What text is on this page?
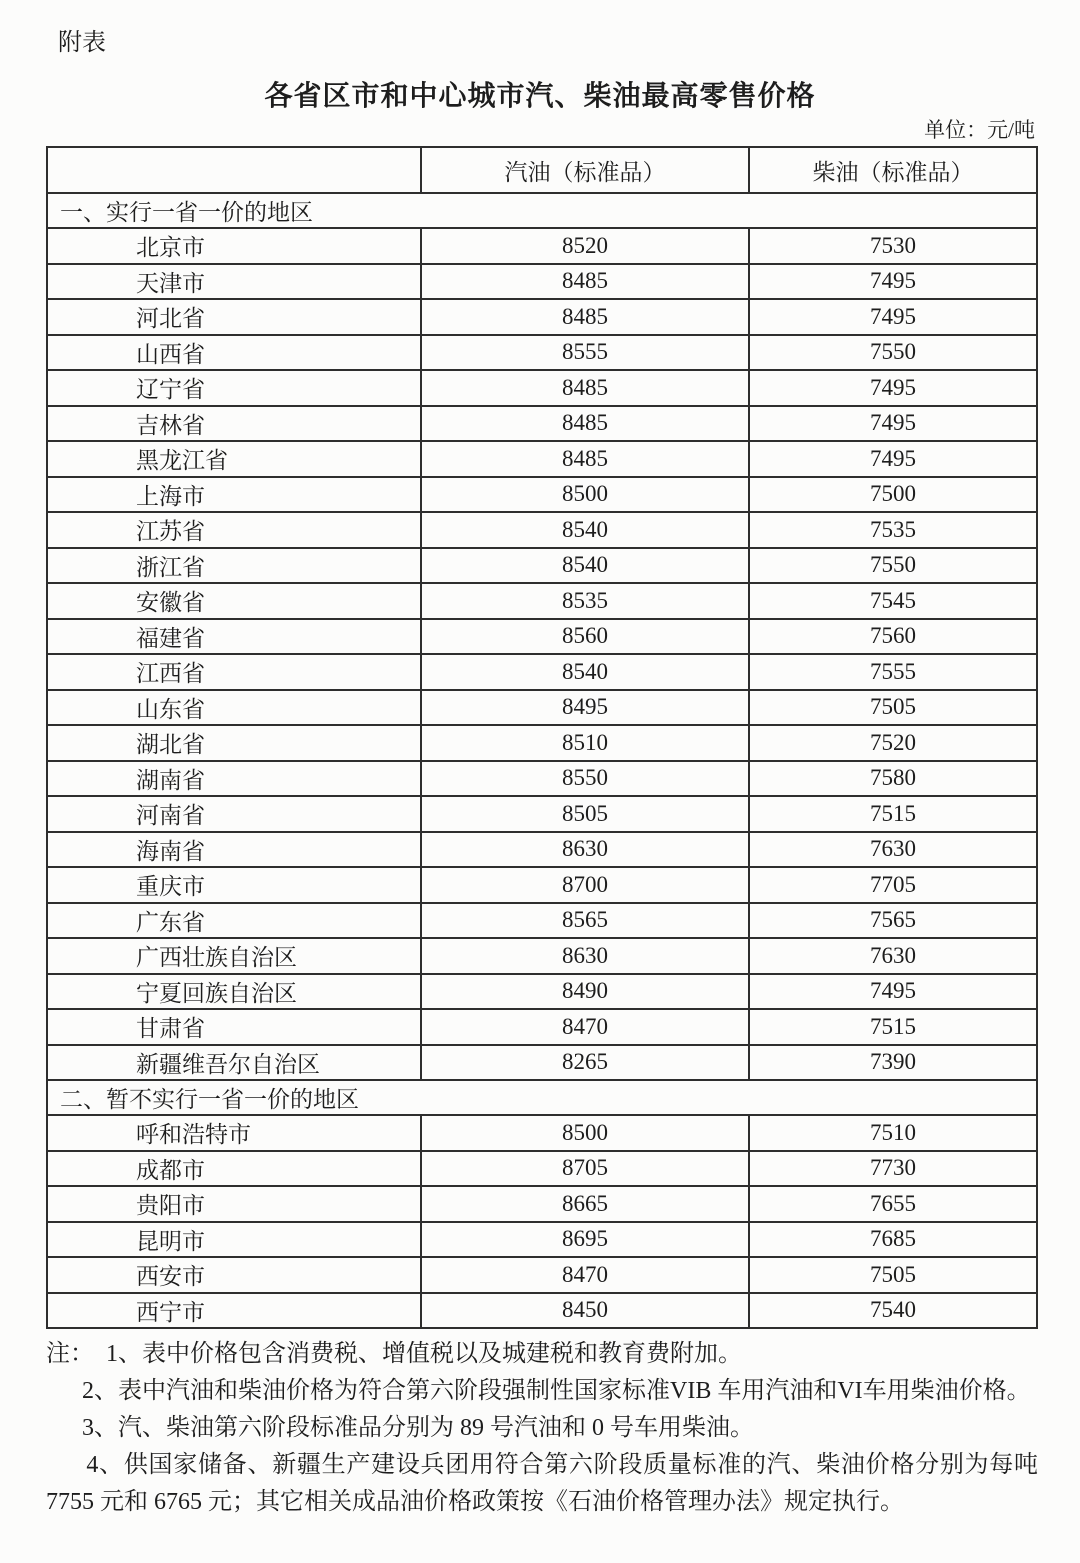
附表
各省区市和中心城市汽、柴油最高零售价格
单位：元/吨
	汽油（标准品）	柴油（标准品）
一、实行一省一价的地区		
北京市	8520	7530
天津市	8485	7495
河北省	8485	7495
山西省	8555	7550
辽宁省	8485	7495
吉林省	8485	7495
黑龙江省	8485	7495
上海市	8500	7500
江苏省	8540	7535
浙江省	8540	7550
安徽省	8535	7545
福建省	8560	7560
江西省	8540	7555
山东省	8495	7505
湖北省	8510	7520
湖南省	8550	7580
河南省	8505	7515
海南省	8630	7630
重庆市	8700	7705
广东省	8565	7565
广西壮族自治区	8630	7630
宁夏回族自治区	8490	7495
甘肃省	8470	7515
新疆维吾尔自治区	8265	7390
二、暂不实行一省一价的地区		
呼和浩特市	8500	7510
成都市	8705	7730
贵阳市	8665	7655
昆明市	8695	7685
西安市	8470	7505
西宁市	8450	7540
注：  1、表中价格包含消费税、增值税以及城建税和教育费附加。
2、表中汽油和柴油价格为符合第六阶段强制性国家标准VIB 车用汽油和VI车用柴油价格。
3、汽、柴油第六阶段标准品分别为 89 号汽油和 0 号车用柴油。
4、供国家储备、新疆生产建设兵团用符合第六阶段质量标准的汽、柴油价格分别为每吨 7755 元和 6765 元；其它相关成品油价格政策按《石油价格管理办法》规定执行。
